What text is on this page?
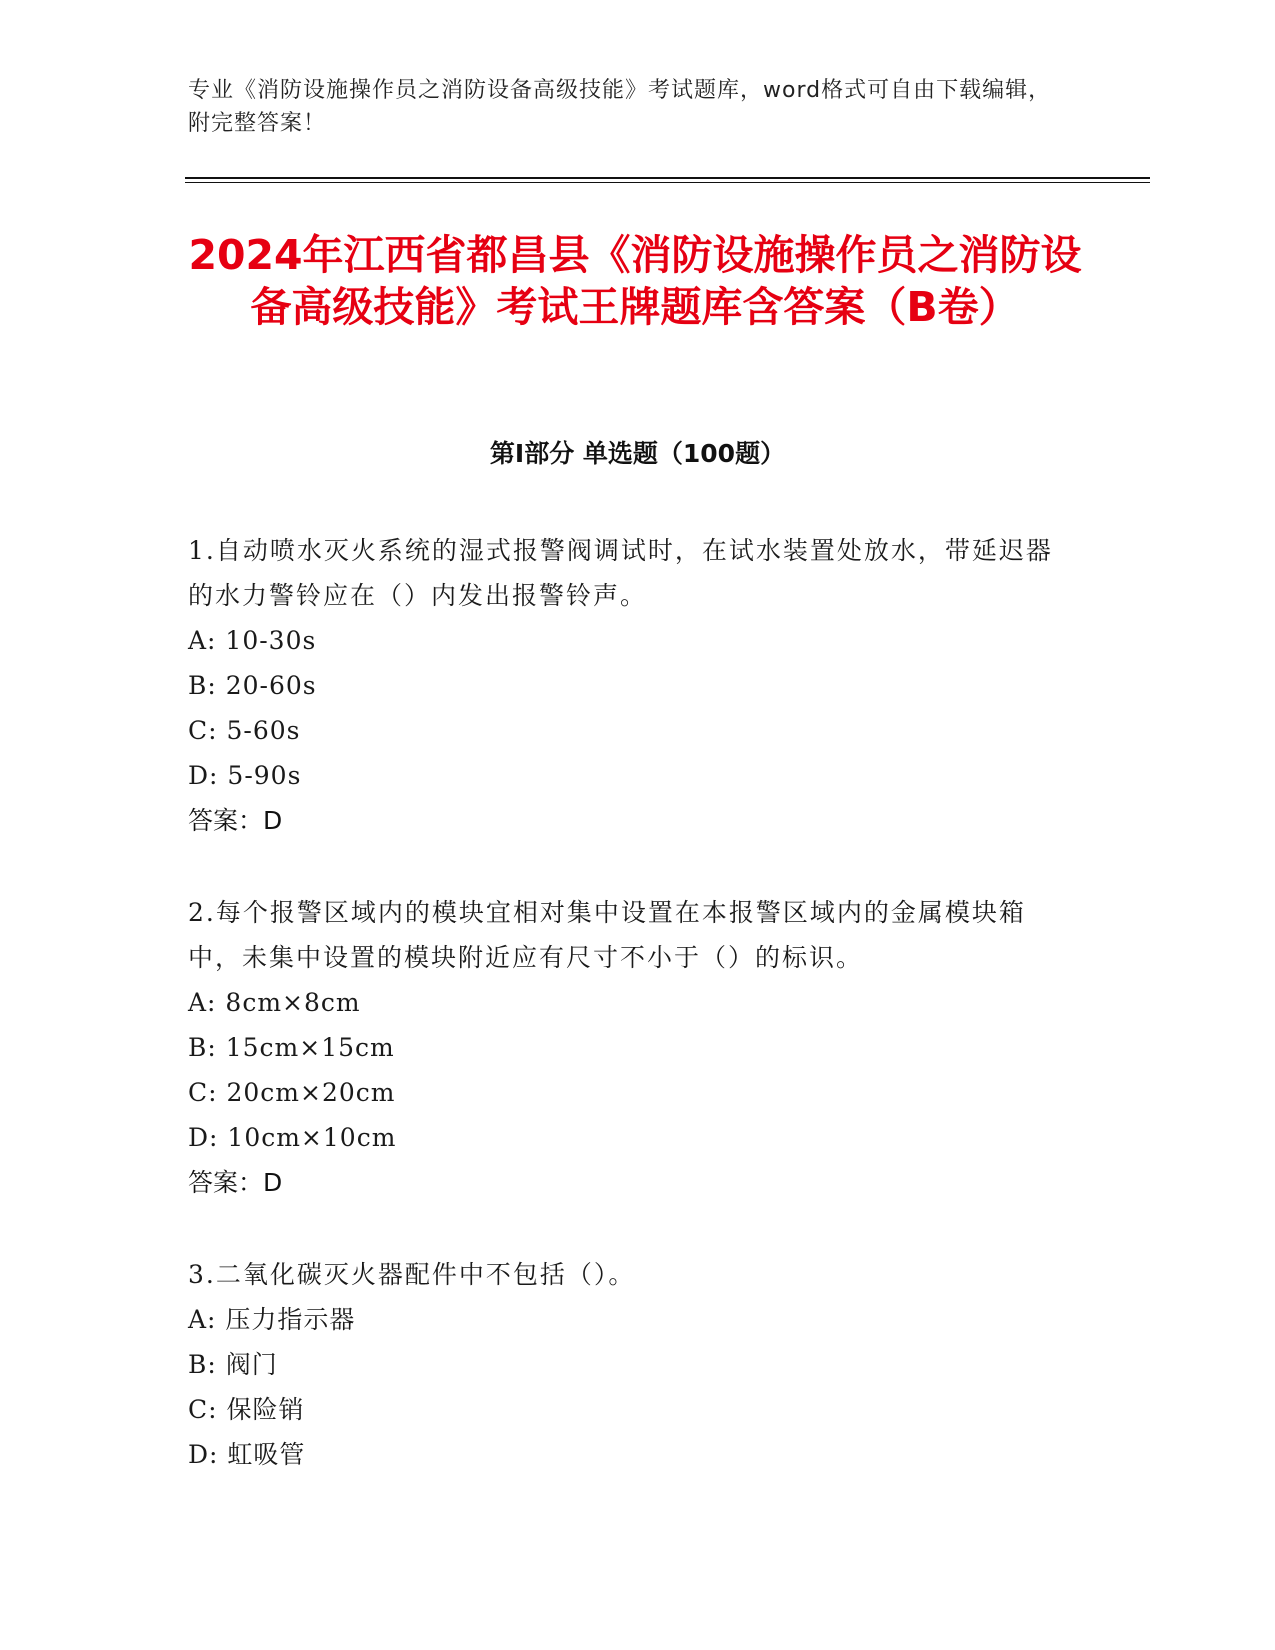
专业《消防设施操作员之消防设备高级技能》考试题库，word格式可自由下载编辑，附完整答案！
2024年江西省都昌县《消防设施操作员之消防设备高级技能》考试王牌题库含答案（B卷）
第Ⅰ部分 单选题（100题）
1.自动喷水灭火系统的湿式报警阀调试时，在试水装置处放水，带延迟器的水力警铃应在（）内发出报警铃声。
A: 10-30s
B: 20-60s
C: 5-60s
D: 5-90s
答案：D
2.每个报警区域内的模块宜相对集中设置在本报警区域内的金属模块箱中，未集中设置的模块附近应有尺寸不小于（）的标识。
A: 8cm×8cm
B: 15cm×15cm
C: 20cm×20cm
D: 10cm×10cm
答案：D
3.二氧化碳灭火器配件中不包括（）。
A: 压力指示器
B: 阀门
C: 保险销
D: 虹吸管
